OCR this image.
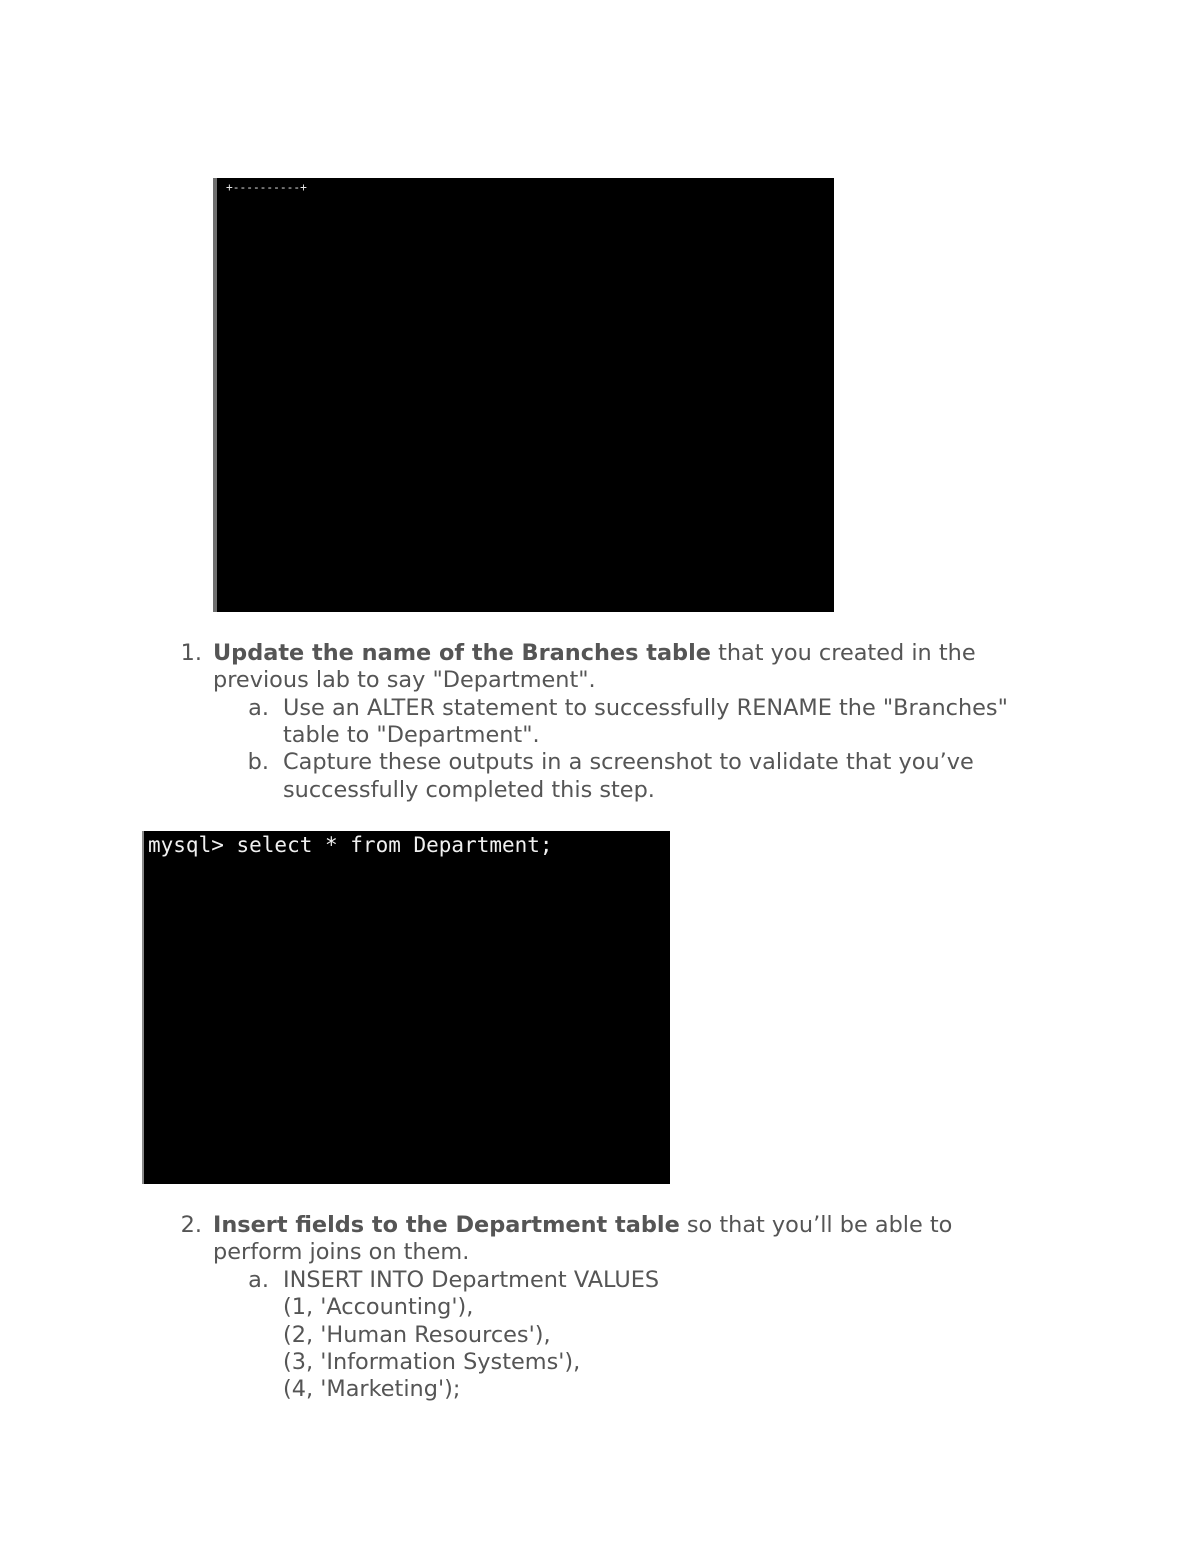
+----------+
1. Update the name of the Branches table that you created in the
previous lab to say "Department".
a. Use an ALTER statement to successfully RENAME the "Branches"
table to "Department".
b. Capture these outputs in a screenshot to validate that you’ve
successfully completed this step.
mysql> select * from Department;
2. Insert fields to the Department table so that you’ll be able to
perform joins on them.
a. INSERT INTO Department VALUES
(1, 'Accounting'),
(2, 'Human Resources'),
(3, 'Information Systems'),
(4, 'Marketing');
